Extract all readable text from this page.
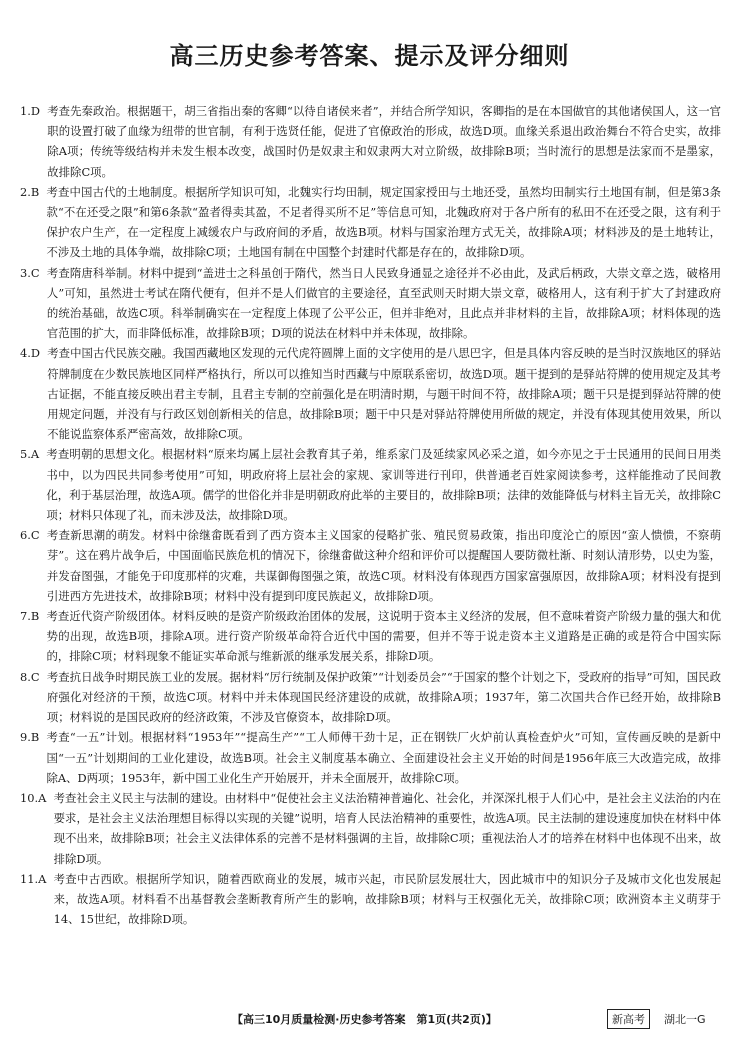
高三历史参考答案、提示及评分细则
1.D
考查先秦政治。根据题干，胡三省指出秦的客卿“以待自诸侯来者”，并结合所学知识，客卿指的是在本国做官的其他诸侯国人，这一官职的设置打破了血缘为纽带的世官制，有利于选贤任能，促进了官僚政治的形成，故选D项。血缘关系退出政治舞台不符合史实，故排除A项；传统等级结构并未发生根本改变，战国时仍是奴隶主和奴隶两大对立阶级，故排除B项；当时流行的思想是法家而不是墨家，故排除C项。
2.B
考查中国古代的土地制度。根据所学知识可知，北魏实行均田制，规定国家授田与土地还受，虽然均田制实行土地国有制，但是第3条款“不在还受之限”和第6条款“盈者得卖其盈，不足者得买所不足”等信息可知，北魏政府对于各户所有的私田不在还受之限，这有利于保护农户生产，在一定程度上减缓农户与政府间的矛盾，故选B项。材料与国家治理方式无关，故排除A项；材料涉及的是土地转让，不涉及土地的具体争端，故排除C项；土地国有制在中国整个封建时代都是存在的，故排除D项。
3.C
考查隋唐科举制。材料中提到“盖进士之科虽创于隋代，然当日人民致身通显之途径并不必由此，及武后柄政，大崇文章之选，破格用人”可知，虽然进士考试在隋代便有，但并不是人们做官的主要途径，直至武则天时期大崇文章，破格用人，这有利于扩大了封建政府的统治基础，故选C项。科举制确实在一定程度上体现了公平公正，但并非绝对，且此点并非材料的主旨，故排除A项；材料体现的选官范围的扩大，而非降低标准，故排除B项；D项的说法在材料中并未体现，故排除。
4.D
考查中国古代民族交融。我国西藏地区发现的元代虎符圆牌上面的文字使用的是八思巴字，但是具体内容反映的是当时汉族地区的驿站符牌制度在少数民族地区同样严格执行，所以可以推知当时西藏与中原联系密切，故选D项。题干提到的是驿站符牌的使用规定及其考古证据，不能直接反映出君主专制，且君主专制的空前强化是在明清时期，与题干时间不符，故排除A项；题干只是提到驿站符牌的使用规定问题，并没有与行政区划创新相关的信息，故排除B项；题干中只是对驿站符牌使用所做的规定，并没有体现其使用效果，所以不能说监察体系严密高效，故排除C项。
5.A
考查明朝的思想文化。根据材料“原来均属上层社会教育其子弟，维系家门及延续家风必采之道，如今亦见之于士民通用的民间日用类书中，以为四民共同参考使用”可知，明政府将上层社会的家规、家训等进行刊印，供普通老百姓家阅读参考，这样能推动了民间教化，利于基层治理，故选A项。儒学的世俗化并非是明朝政府此举的主要目的，故排除B项；法律的效能降低与材料主旨无关，故排除C项；材料只体现了礼，而未涉及法，故排除D项。
6.C
考查新思潮的萌发。材料中徐继畬既看到了西方资本主义国家的侵略扩张、殖民贸易政策，指出印度沦亡的原因“蛮人愦愦，不察萌芽”。这在鸦片战争后，中国面临民族危机的情况下，徐继畬做这种介绍和评价可以提醒国人要防微杜渐、时刻认清形势，以史为鉴，并发奋图强，才能免于印度那样的灾难，共谋御侮图强之策，故选C项。材料没有体现西方国家富强原因，故排除A项；材料没有提到引进西方先进技术，故排除B项；材料中没有提到印度民族起义，故排除D项。
7.B
考查近代资产阶级团体。材料反映的是资产阶级政治团体的发展，这说明于资本主义经济的发展，但不意味着资产阶级力量的强大和优势的出现，故选B项，排除A项。进行资产阶级革命符合近代中国的需要，但并不等于说走资本主义道路是正确的或是符合中国实际的，排除C项；材料现象不能证实革命派与维新派的继承发展关系，排除D项。
8.C
考查抗日战争时期民族工业的发展。据材料“厉行统制及保护政策”“计划委员会”“于国家的整个计划之下，受政府的指导”可知，国民政府强化对经济的干预，故选C项。材料中并未体现国民经济建设的成就，故排除A项；1937年，第二次国共合作已经开始，故排除B项；材料说的是国民政府的经济政策，不涉及官僚资本，故排除D项。
9.B
考查“一五”计划。根据材料“1953年”“提高生产”“工人师傅干劲十足，正在钢铁厂火炉前认真检查炉火”可知，宣传画反映的是新中国“一五”计划期间的工业化建设，故选B项。社会主义制度基本确立、全面建设社会主义开始的时间是1956年底三大改造完成，故排除A、D两项；1953年，新中国工业化生产开始展开，并未全面展开，故排除C项。
10.A
考查社会主义民主与法制的建设。由材料中“促使社会主义法治精神普遍化、社会化，并深深扎根于人们心中，是社会主义法治的内在要求，是社会主义法治理想目标得以实现的关键”说明，培育人民法治精神的重要性，故选A项。民主法制的建设速度加快在材料中体现不出来，故排除B项；社会主义法律体系的完善不是材料强调的主旨，故排除C项；重视法治人才的培养在材料中也体现不出来，故排除D项。
11.A
考查中古西欧。根据所学知识，随着西欧商业的发展，城市兴起，市民阶层发展壮大，因此城市中的知识分子及城市文化也发展起来，故选A项。材料看不出基督教会垄断教育所产生的影响，故排除B项；材料与王权强化无关，故排除C项；欧洲资本主义萌芽于14、15世纪，故排除D项。
【高三10月质量检测·历史参考答案　第1页(共2页)】	新高考	湖北一G
